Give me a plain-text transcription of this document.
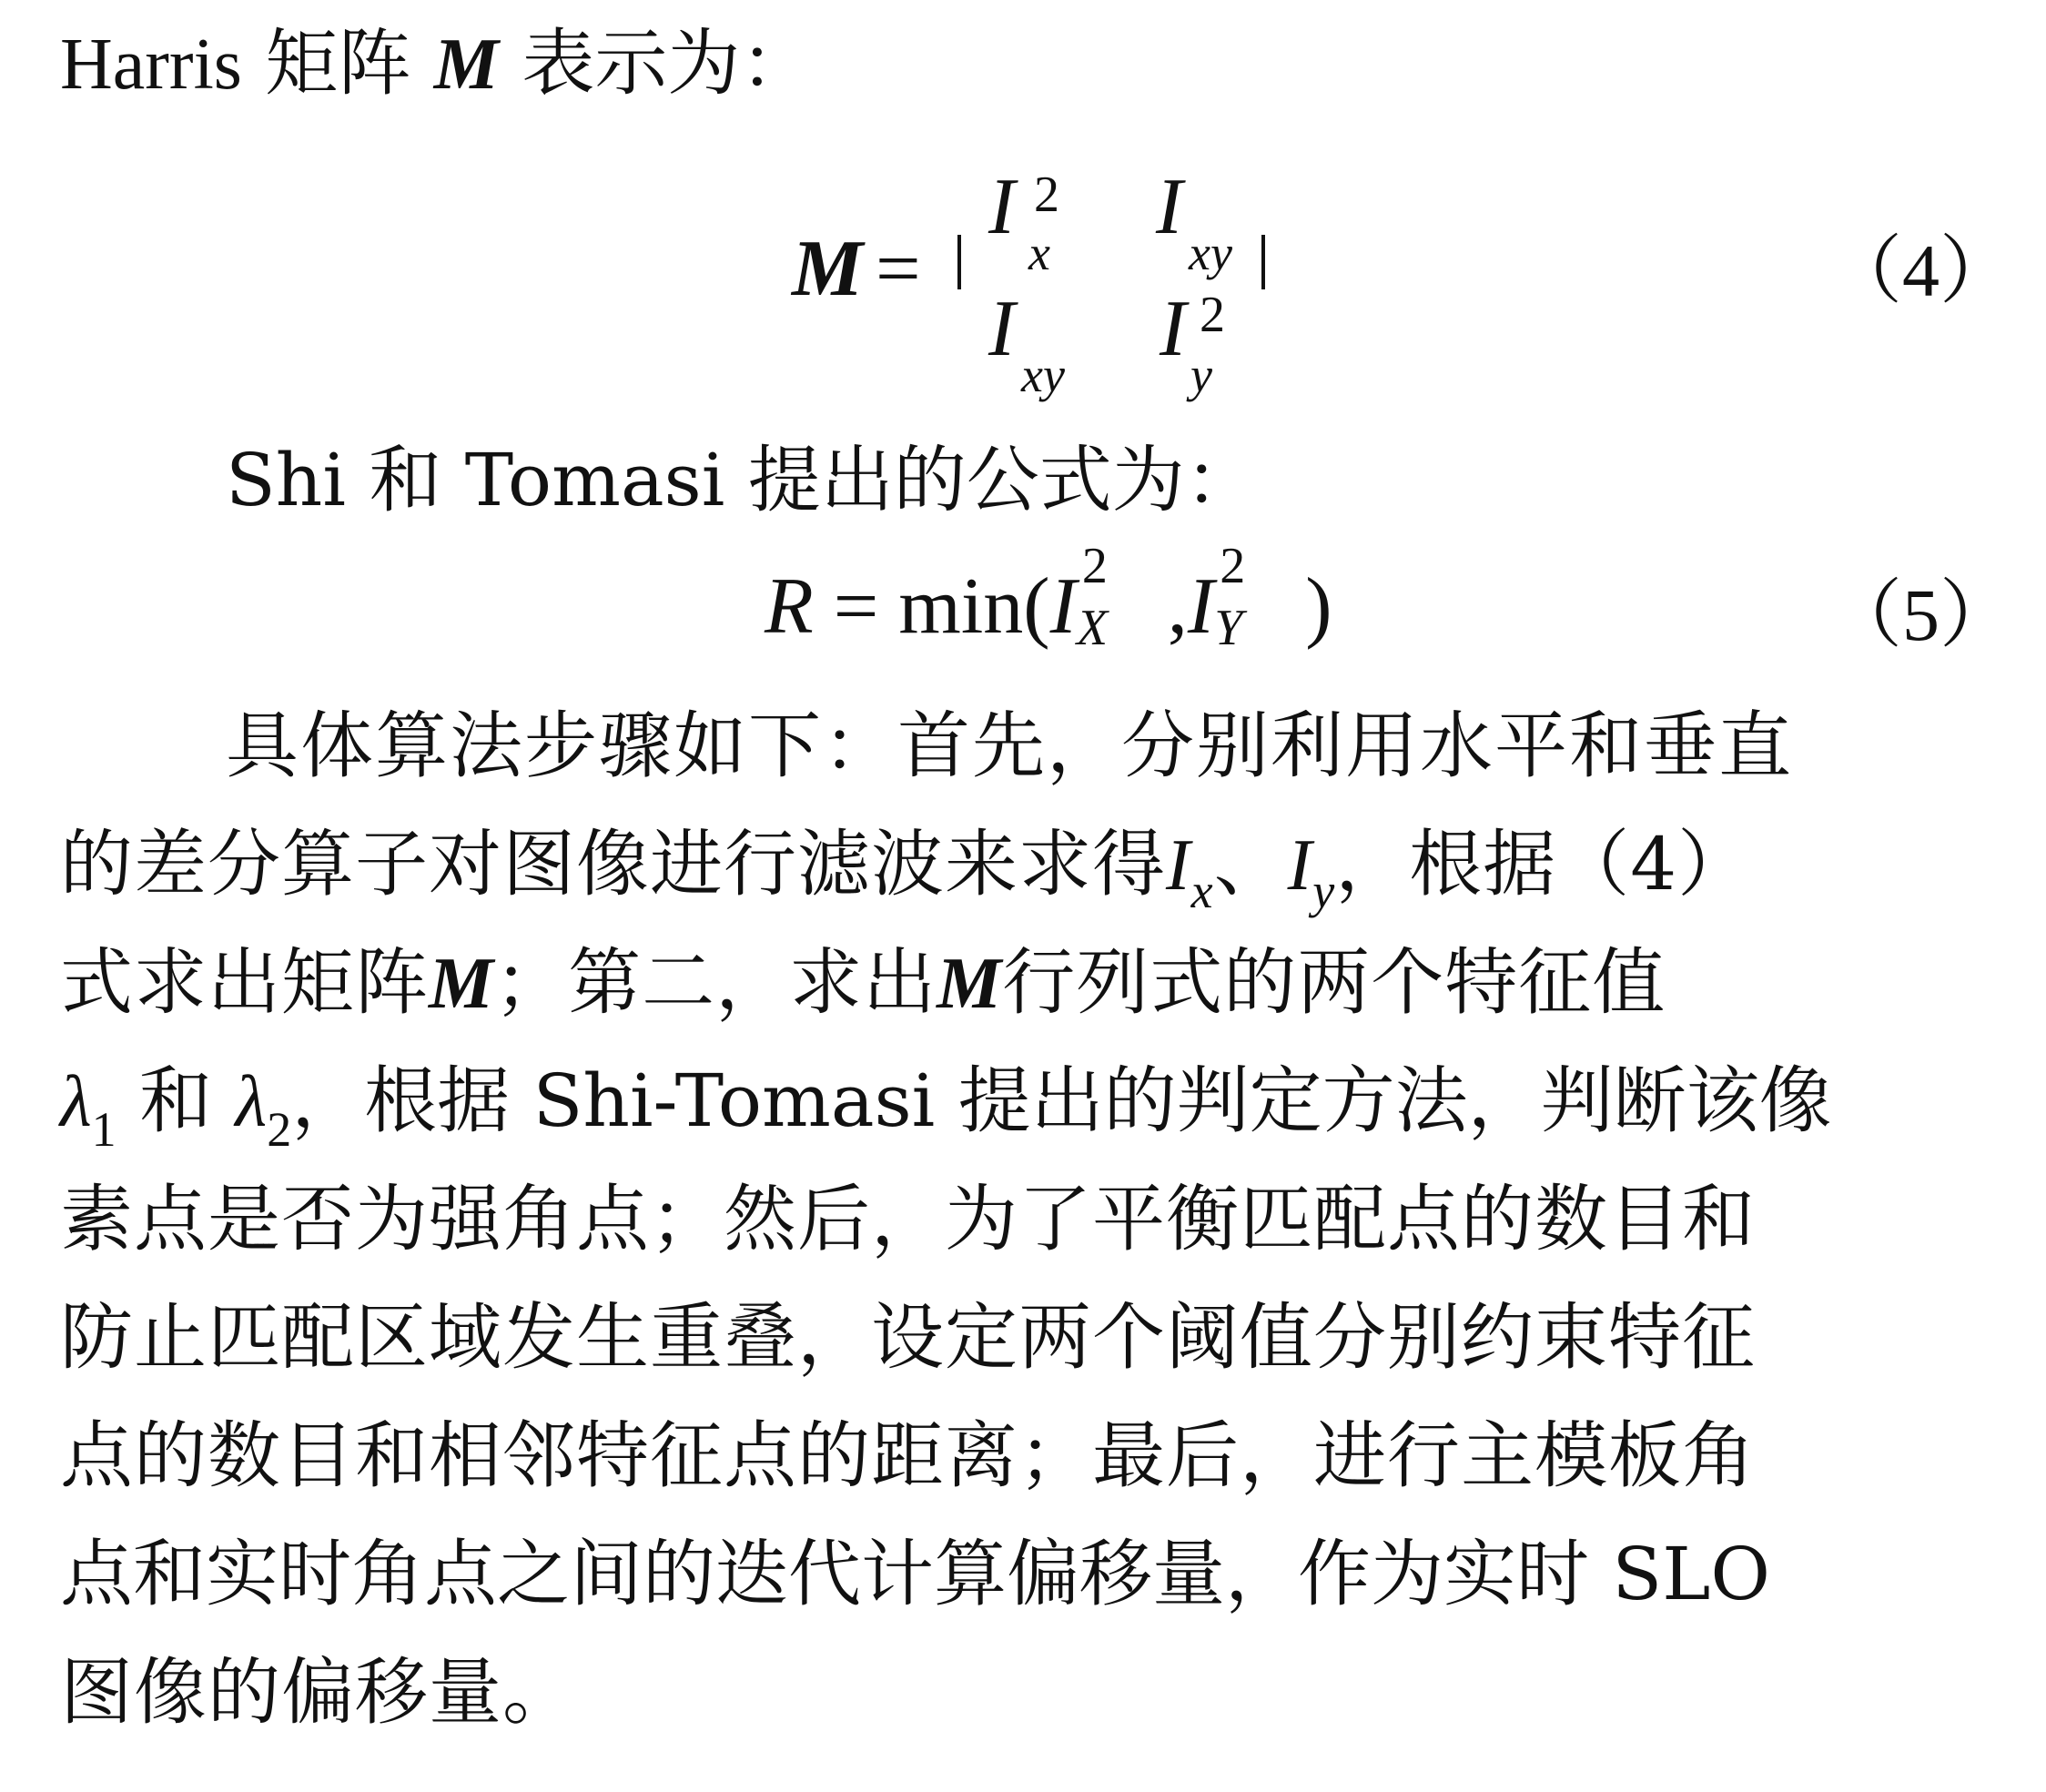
Harris 矩阵 M 表示为：
M =
I 2
x
I
xy
I
xy
I 2
y
（4）
Shi 和 Tomasi 提出的公式为：
R = min(I 2
X ,I 2
Y )	（5）
具体算法步骤如下：首先，分别利用水平和垂直
的差分算子对图像进行滤波来求得$I_x$、$I_y$，根据（4）
式求出矩阵M；第二，求出M行列式的两个特征值
$\lambda_1$ 和 $\lambda_2$，根据 Shi-Tomasi 提出的判定方法，判断该像
素点是否为强角点；然后，为了平衡匹配点的数目和
防止匹配区域发生重叠，设定两个阈值分别约束特征
点的数目和相邻特征点的距离；最后，进行主模板角
点和实时角点之间的迭代计算偏移量，作为实时 SLO
图像的偏移量。
